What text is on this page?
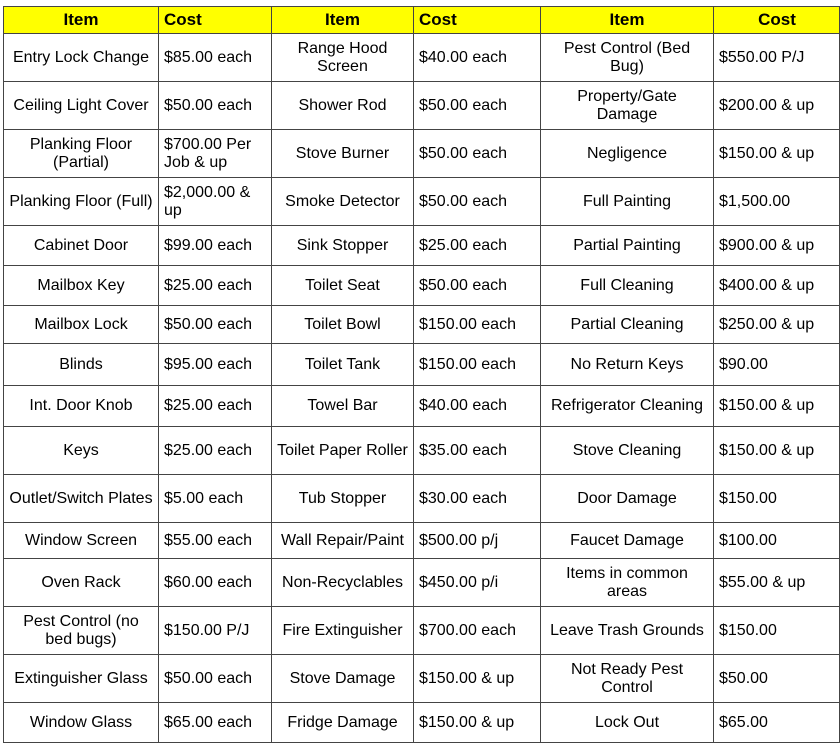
Item	Cost	Item	Cost	Item	Cost
Entry Lock Change	$85.00 each	Range Hood Screen	$40.00 each	Pest Control (Bed Bug)	$550.00 P/J
Ceiling Light Cover	$50.00 each	Shower Rod	$50.00 each	Property/Gate Damage	$200.00 & up
Planking Floor (Partial)	$700.00 Per Job & up	Stove Burner	$50.00 each	Negligence	$150.00 & up
Planking Floor (Full)	$2,000.00 & up	Smoke Detector	$50.00 each	Full Painting	$1,500.00
Cabinet Door	$99.00 each	Sink Stopper	$25.00 each	Partial Painting	$900.00 & up
Mailbox Key	$25.00 each	Toilet Seat	$50.00 each	Full Cleaning	$400.00 & up
Mailbox Lock	$50.00 each	Toilet Bowl	$150.00 each	Partial Cleaning	$250.00 & up
Blinds	$95.00 each	Toilet Tank	$150.00 each	No Return Keys	$90.00
Int. Door Knob	$25.00 each	Towel Bar	$40.00 each	Refrigerator Cleaning	$150.00 & up
Keys	$25.00 each	Toilet Paper Roller	$35.00 each	Stove Cleaning	$150.00 & up
Outlet/Switch Plates	$5.00 each	Tub Stopper	$30.00 each	Door Damage	$150.00
Window Screen	$55.00 each	Wall Repair/Paint	$500.00 p/j	Faucet Damage	$100.00
Oven Rack	$60.00 each	Non-Recyclables	$450.00 p/i	Items in common areas	$55.00 & up
Pest Control (no bed bugs)	$150.00 P/J	Fire Extinguisher	$700.00 each	Leave Trash Grounds	$150.00
Extinguisher Glass	$50.00 each	Stove Damage	$150.00 & up	Not Ready Pest Control	$50.00
Window Glass	$65.00 each	Fridge Damage	$150.00 & up	Lock Out	$65.00
